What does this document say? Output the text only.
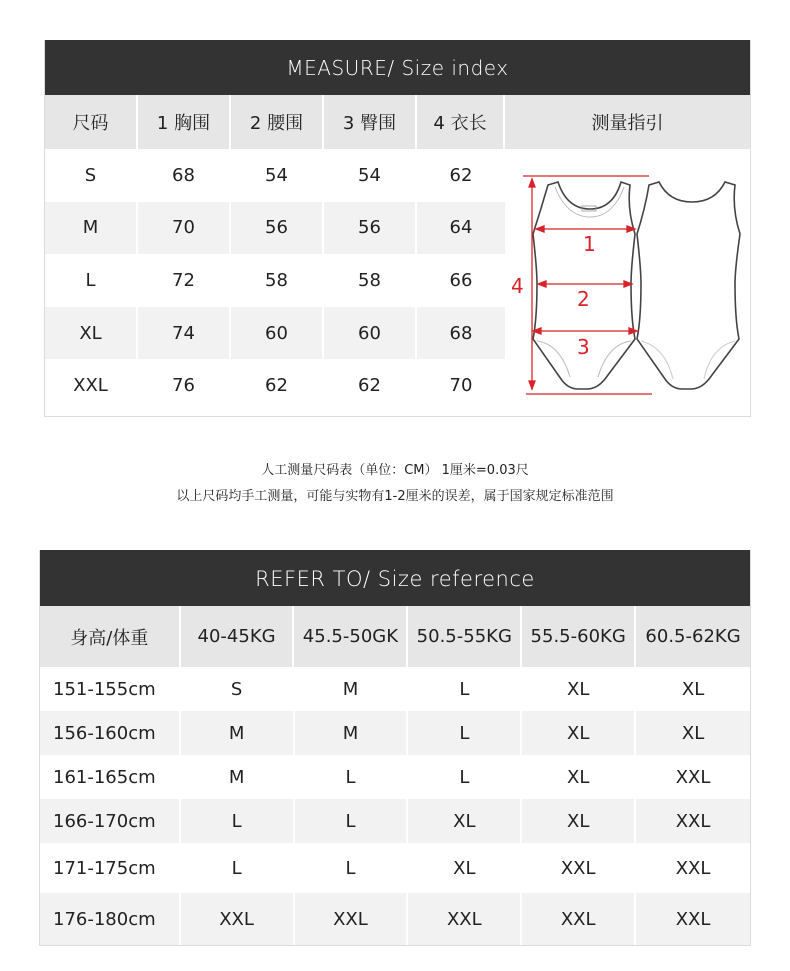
MEASURE/ Size index
尺码	1 胸围	2 腰围	3 臀围	4 衣长	测量指引
S	68	54	54	62
M	70	56	56	64
L	72	58	58	66
XL	74	60	60	68
XXL	76	62	62	70
1
2
3
4
人工测量尺码表（单位：CM） 1厘米=0.03尺
以上尺码均手工测量，可能与实物有1-2厘米的误差，属于国家规定标准范围
REFER TO/ Size reference
身高/体重	40-45KG	45.5-50GK	50.5-55KG	55.5-60KG	60.5-62KG
151-155cm	S	M	L	XL	XL
156-160cm	M	M	L	XL	XL
161-165cm	M	L	L	XL	XXL
166-170cm	L	L	XL	XL	XXL
171-175cm	L	L	XL	XXL	XXL
176-180cm	XXL	XXL	XXL	XXL	XXL
